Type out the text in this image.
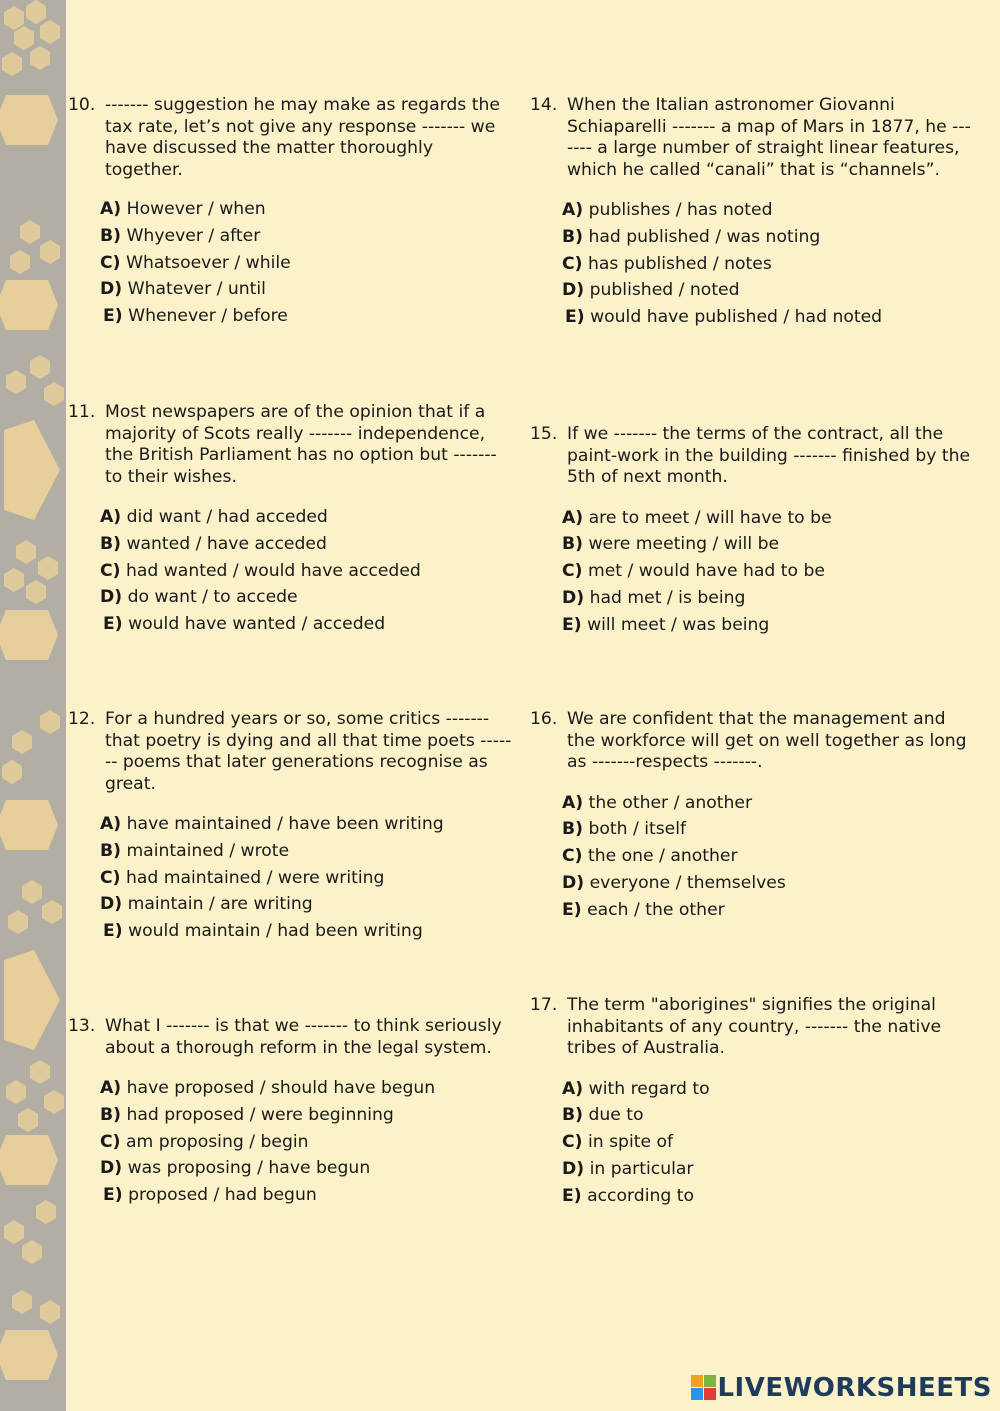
10. ------- suggestion he may make as regards the tax rate, let’s not give any response ------- we have discussed the matter thoroughly together.
A) However / when
B) Whyever / after
C) Whatsoever / while
D) Whatever / until
E) Whenever / before
11. Most newspapers are of the opinion that if a majority of Scots really ------- independence, the British Parliament has no option but ------- to their wishes.
A) did want / had acceded
B) wanted / have acceded
C) had wanted / would have acceded
D) do want / to accede
E) would have wanted / acceded
12. For a hundred years or so, some critics ------- that poetry is dying and all that time poets ------- poems that later generations recognise as great.
A) have maintained / have been writing
B) maintained / wrote
C) had maintained / were writing
D) maintain / are writing
E) would maintain / had been writing
13. What I ------- is that we ------- to think seriously about a thorough reform in the legal system.
A) have proposed / should have begun
B) had proposed / were beginning
C) am proposing / begin
D) was proposing / have begun
E) proposed / had begun
14. When the Italian astronomer Giovanni Schiaparelli ------- a map of Mars in 1877, he ------- a large number of straight linear features, which he called “canali” that is “channels”.
A) publishes / has noted
B) had published / was noting
C) has published / notes
D) published / noted
E) would have published / had noted
15. If we ------- the terms of the contract, all the paint-work in the building ------- finished by the 5th of next month.
A) are to meet / will have to be
B) were meeting / will be
C) met / would have had to be
D) had met / is being
E) will meet / was being
16. We are confident that the management and the workforce will get on well together as long as -------respects -------.
A) the other / another
B) both / itself
C) the one / another
D) everyone / themselves
E) each / the other
17. The term "aborigines" signifies the original inhabitants of any country, ------- the native tribes of Australia.
A) with regard to
B) due to
C) in spite of
D) in particular
E) according to
LIVEWORKSHEETS
